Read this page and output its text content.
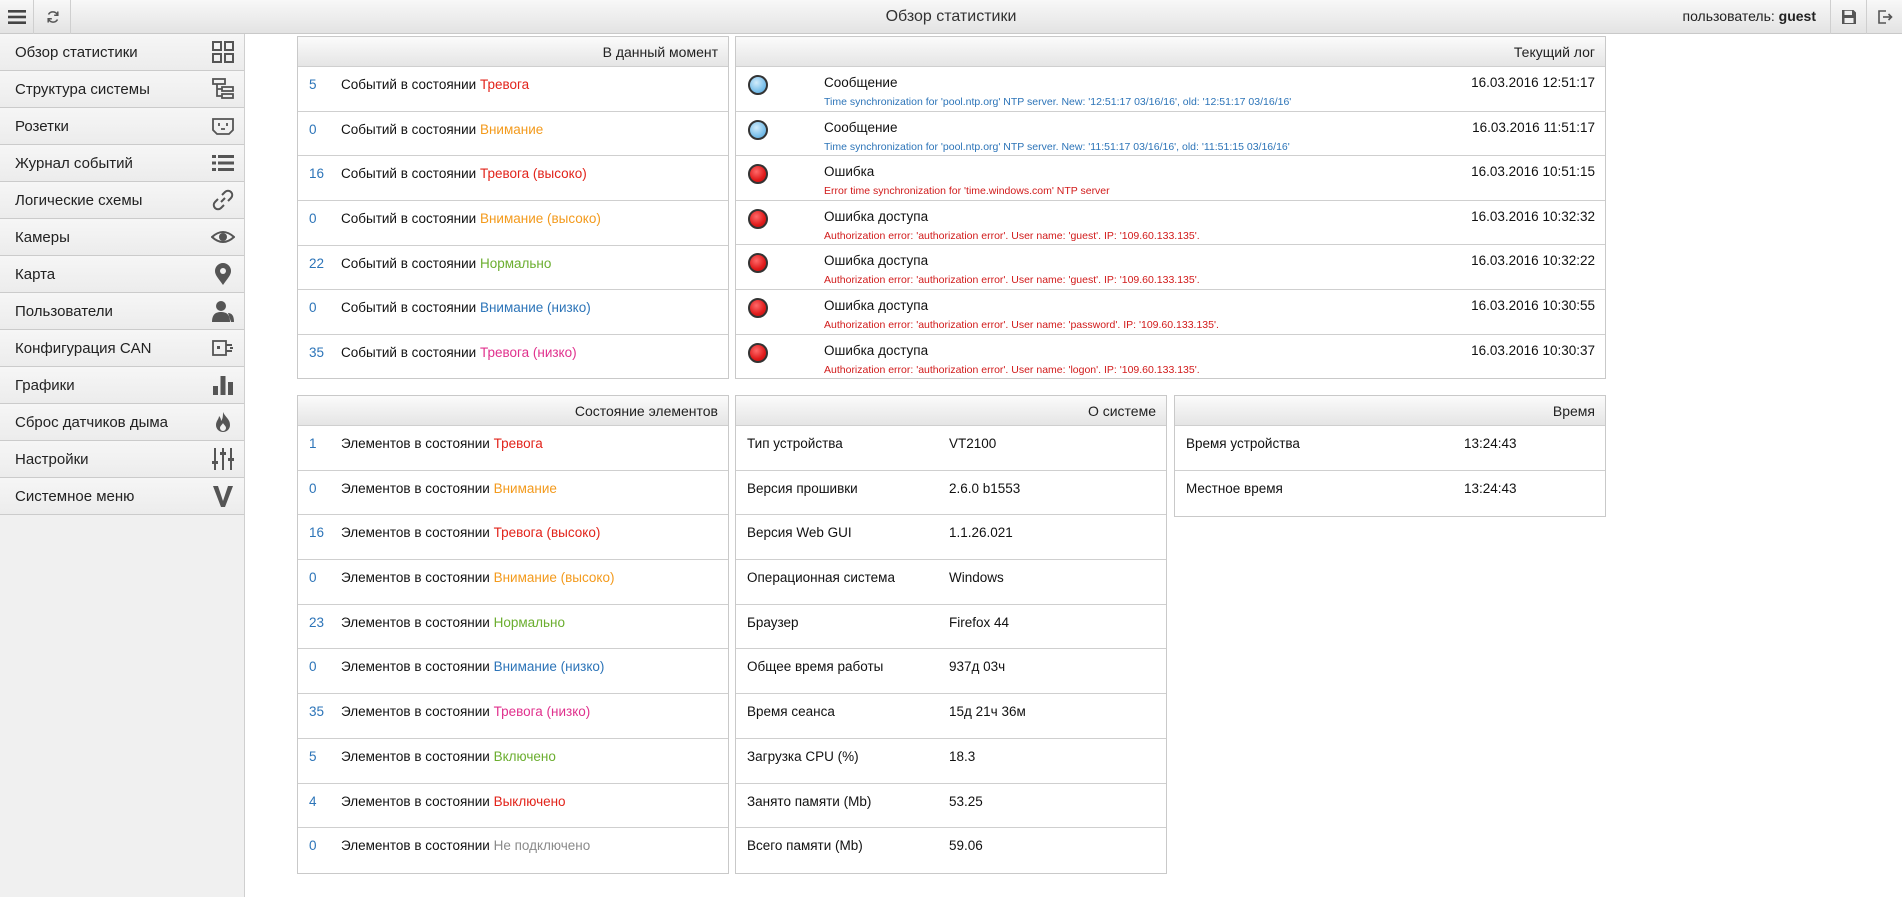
Обзор статистики	пользователь: guest
Обзор статистики
Структура системы
Розетки
Журнал событий
Логические схемы
Камеры
Карта
Пользователи
Конфигурация CAN
Графики
Сброс датчиков дыма
Настройки
Системное меню
В данный момент
5 Событий в состоянии Тревога
0 Событий в состоянии Внимание
16 Событий в состоянии Тревога (высоко)
0 Событий в состоянии Внимание (высоко)
22 Событий в состоянии Нормально
0 Событий в состоянии Внимание (низко)
35 Событий в состоянии Тревога (низко)
Текущий лог
Сообщение	16.03.2016 12:51:17
Time synchronization for 'pool.ntp.org' NTP server. New: '12:51:17 03/16/16', old: '12:51:17 03/16/16'
Сообщение	16.03.2016 11:51:17
Time synchronization for 'pool.ntp.org' NTP server. New: '11:51:17 03/16/16', old: '11:51:15 03/16/16'
Ошибка	16.03.2016 10:51:15
Error time synchronization for 'time.windows.com' NTP server
Ошибка доступа	16.03.2016 10:32:32
Authorization error: 'authorization error'. User name: 'guest'. IP: '109.60.133.135'.
Ошибка доступа	16.03.2016 10:32:22
Authorization error: 'authorization error'. User name: 'guest'. IP: '109.60.133.135'.
Ошибка доступа	16.03.2016 10:30:55
Authorization error: 'authorization error'. User name: 'password'. IP: '109.60.133.135'.
Ошибка доступа	16.03.2016 10:30:37
Authorization error: 'authorization error'. User name: 'logon'. IP: '109.60.133.135'.
Состояние элементов
1 Элементов в состоянии Тревога
0 Элементов в состоянии Внимание
16 Элементов в состоянии Тревога (высоко)
0 Элементов в состоянии Внимание (высоко)
23 Элементов в состоянии Нормально
0 Элементов в состоянии Внимание (низко)
35 Элементов в состоянии Тревога (низко)
5 Элементов в состоянии Включено
4 Элементов в состоянии Выключено
0 Элементов в состоянии Не подключено
О системе
Тип устройства	VT2100
Версия прошивки	2.6.0 b1553
Версия Web GUI	1.1.26.021
Операционная система	Windows
Браузер	Firefox 44
Общее время работы	937д 03ч
Время сеанса	15д 21ч 36м
Загрузка CPU (%)	18.3
Занято памяти (Mb)	53.25
Всего памяти (Mb)	59.06
Время
Время устройства	13:24:43
Местное время	13:24:43
